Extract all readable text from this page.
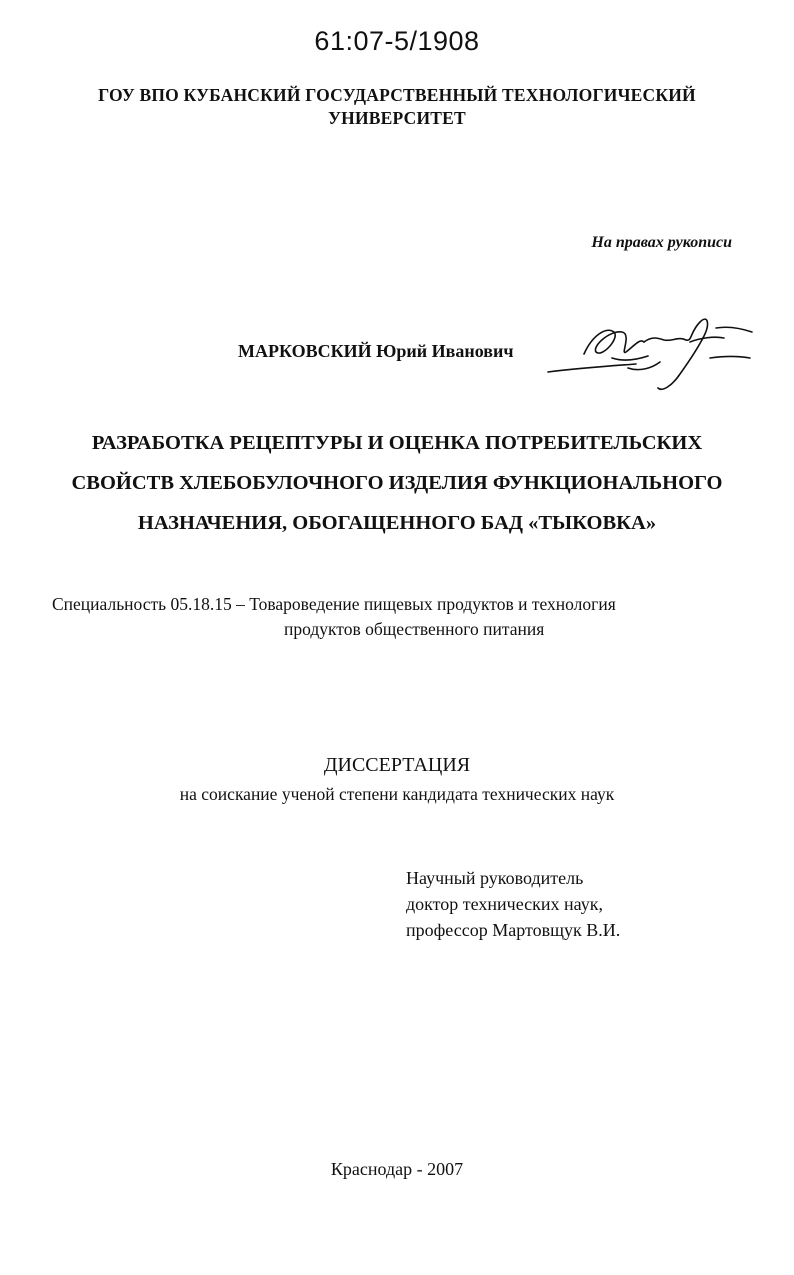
61:07-5/1908
ГОУ ВПО КУБАНСКИЙ ГОСУДАРСТВЕННЫЙ ТЕХНОЛОГИЧЕСКИЙ
УНИВЕРСИТЕТ
На правах рукописи
МАРКОВСКИЙ Юрий Иванович
РАЗРАБОТКА РЕЦЕПТУРЫ И ОЦЕНКА ПОТРЕБИТЕЛЬСКИХ
СВОЙСТВ ХЛЕБОБУЛОЧНОГО ИЗДЕЛИЯ ФУНКЦИОНАЛЬНОГО
НАЗНАЧЕНИЯ, ОБОГАЩЕННОГО БАД «ТЫКОВКА»
Специальность 05.18.15 – Товароведение пищевых продуктов и технология
продуктов общественного питания
ДИССЕРТАЦИЯ
на соискание ученой степени кандидата технических наук
Научный руководитель
доктор технических наук,
профессор Мартовщук В.И.
Краснодар - 2007
